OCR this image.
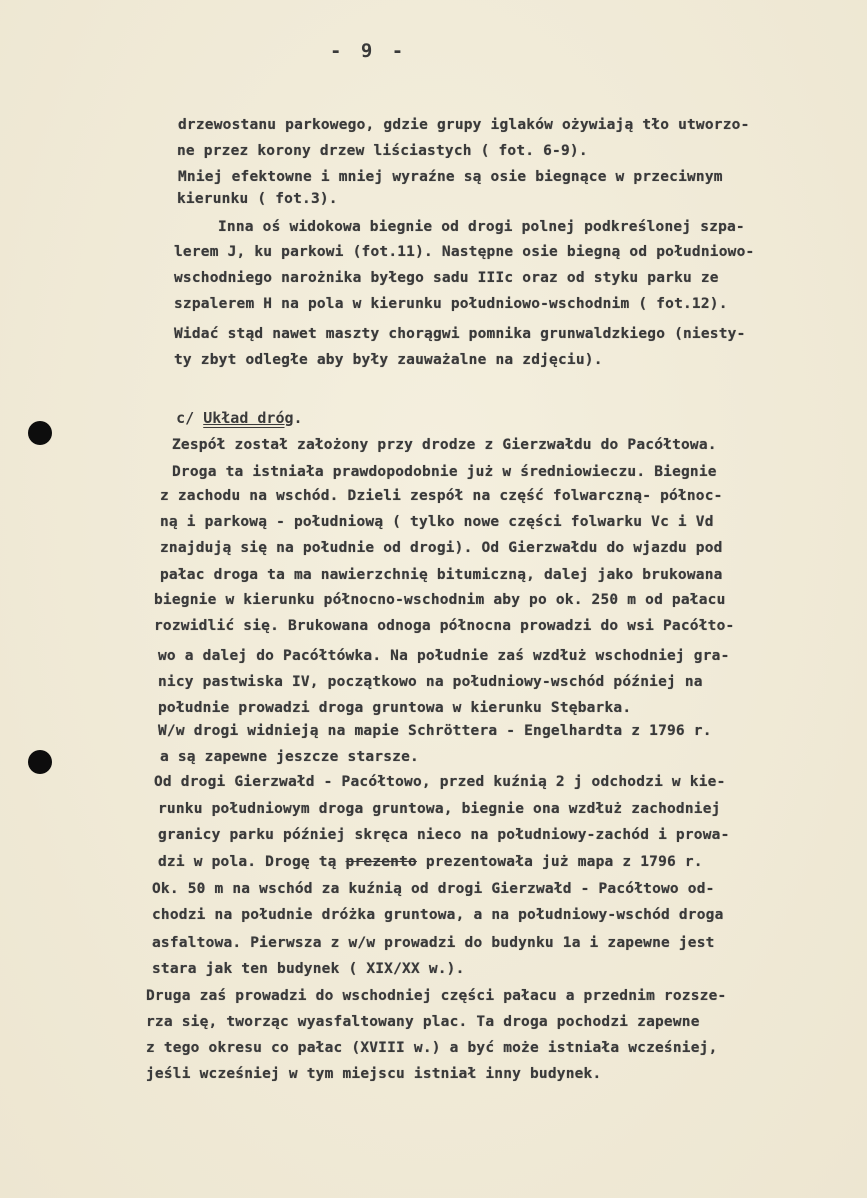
- 9 -
drzewostanu parkowego, gdzie grupy iglaków ożywiają tło utworzo-
ne przez korony drzew liściastych ( fot. 6-9).
Mniej efektowne i mniej wyraźne są osie biegnące w przeciwnym
kierunku ( fot.3).
Inna oś widokowa biegnie od drogi polnej podkreślonej szpa-
lerem J, ku parkowi (fot.11). Następne osie biegną od południowo-
wschodniego narożnika byłego sadu IIIc oraz od styku parku ze
szpalerem H na pola w kierunku południowo-wschodnim ( fot.12).
Widać stąd nawet maszty chorągwi pomnika grunwaldzkiego (niesty-
ty zbyt odległe aby były zauważalne na zdjęciu).

c/ Układ dróg.

Zespół został założony przy drodze z Gierzwałdu do Pacółtowa.
Droga ta istniała prawdopodobnie już w średniowieczu. Biegnie
z zachodu na wschód. Dzieli zespół na część folwarczną- północ-
ną i parkową - południową ( tylko nowe części folwarku Vc i Vd
znajdują się na południe od drogi). Od Gierzwałdu do wjazdu pod
pałac droga ta ma nawierzchnię bitumiczną, dalej jako brukowana
biegnie w kierunku północno-wschodnim aby po ok. 250 m od pałacu
rozwidlić się. Brukowana odnoga północna prowadzi do wsi Pacółto-
wo a dalej do Pacółtówka. Na południe zaś wzdłuż wschodniej gra-
nicy pastwiska IV, początkowo na południowy-wschód później na
południe prowadzi droga gruntowa w kierunku Stębarka.
W/w drogi widnieją na mapie Schröttera - Engelhardta z 1796 r.
a są zapewne jeszcze starsze.
Od drogi Gierzwałd - Pacółtowo, przed kuźnią 2 j odchodzi w kie-
runku południowym droga gruntowa, biegnie ona wzdłuż zachodniej
granicy parku później skręca nieco na południowy-zachód i prowa-
dzi w pola. Drogę tą prezento prezentowała już mapa z 1796 r.
Ok. 50 m na wschód za kuźnią od drogi Gierzwałd - Pacółtowo od-
chodzi na południe dróżka gruntowa, a na południowy-wschód droga
asfaltowa. Pierwsza z w/w prowadzi do budynku 1a i zapewne jest
stara jak ten budynek ( XIX/XX w.).
Druga zaś prowadzi do wschodniej części pałacu a przednim rozsze-
rza się, tworząc wyasfaltowany plac. Ta droga pochodzi zapewne
z tego okresu co pałac (XVIII w.) a być może istniała wcześniej,
jeśli wcześniej w tym miejscu istniał inny budynek.
